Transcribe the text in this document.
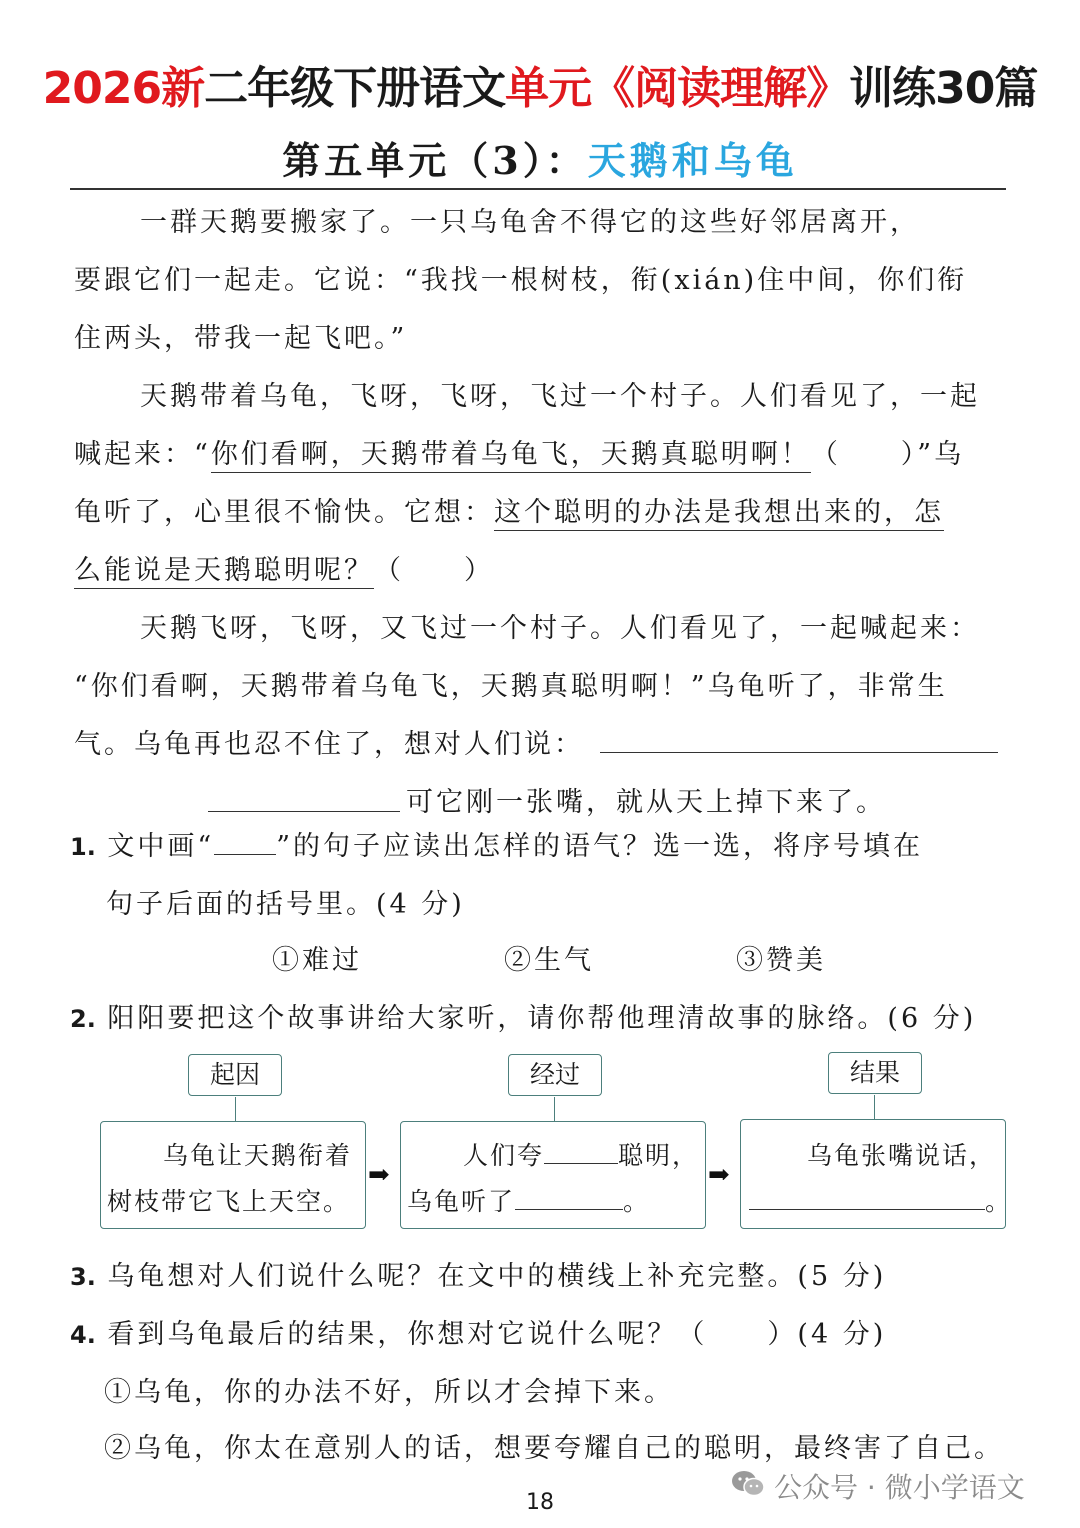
2026新二年级下册语文单元《阅读理解》训练30篇
第五单元（3）：天鹅和乌龟
一群天鹅要搬家了。一只乌龟舍不得它的这些好邻居离开，
要跟它们一起走。它说：“我找一根树枝，衔(xián)住中间，你们衔
住两头，带我一起飞吧。”
天鹅带着乌龟，飞呀，飞呀，飞过一个村子。人们看见了，一起
喊起来：“你们看啊，天鹅带着乌龟飞，天鹅真聪明啊！（　　）”乌
龟听了，心里很不愉快。它想：这个聪明的办法是我想出来的，怎
么能说是天鹅聪明呢？（　　）
天鹅飞呀，飞呀，又飞过一个村子。人们看见了，一起喊起来：
“你们看啊，天鹅带着乌龟飞，天鹅真聪明啊！”乌龟听了，非常生
气。乌龟再也忍不住了，想对人们说：
可它刚一张嘴，就从天上掉下来了。
1. 文中画“ ”的句子应读出怎样的语气？选一选，将序号填在
句子后面的括号里。(4 分)
①难过	②生气	③赞美
2. 阳阳要把这个故事讲给大家听，请你帮他理清故事的脉络。(6 分)
起因	经过	结果
乌龟让天鹅衔着
树枝带它飞上天空。
➡
人们夸	聪明，
乌龟听了	。
➡
乌龟张嘴说话，
。
3. 乌龟想对人们说什么呢？在文中的横线上补充完整。(5 分)
4. 看到乌龟最后的结果，你想对它说什么呢？（　　）(4 分)
①乌龟，你的办法不好，所以才会掉下来。
②乌龟，你太在意别人的话，想要夸耀自己的聪明，最终害了自己。
18	公众号 · 微小学语文
